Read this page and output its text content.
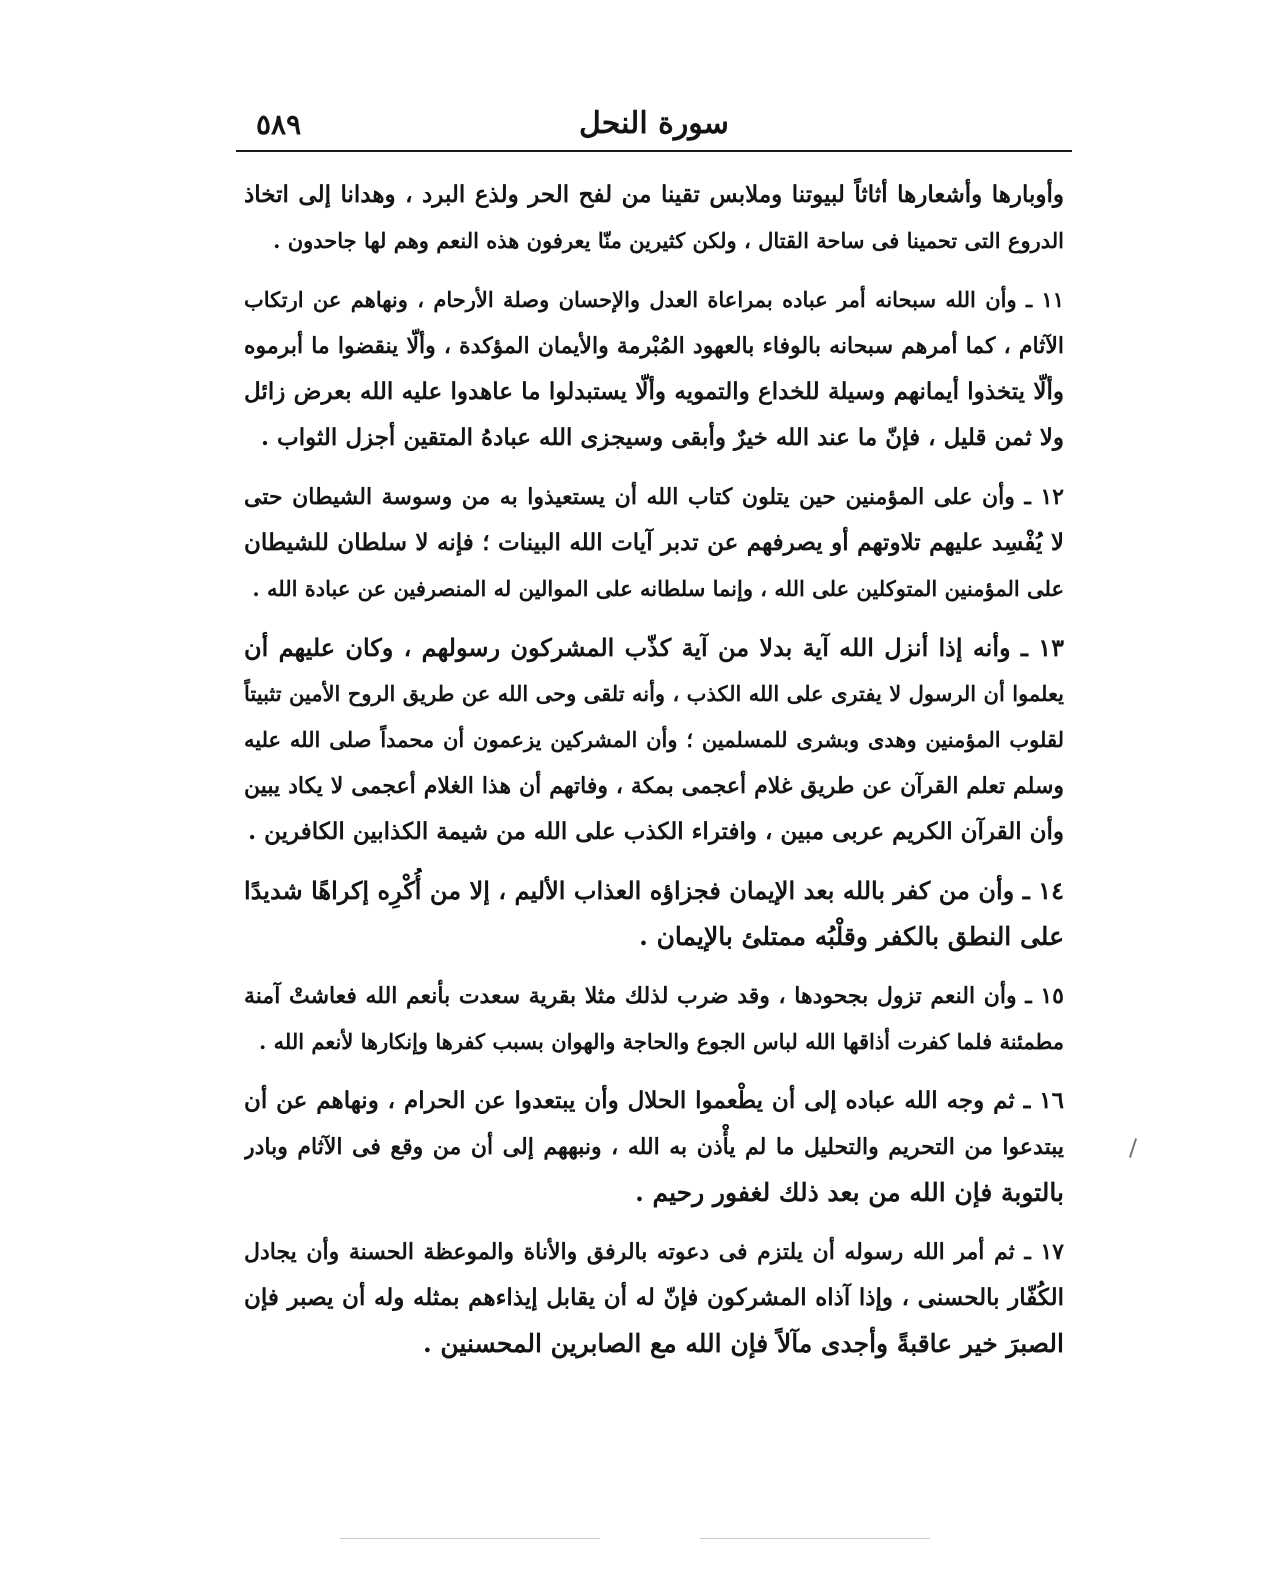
٥٨٩	سورة النحل
وأوبارها وأشعارها أثاثاً لبيوتنا وملابس تقينا من لفح الحر ولذع البرد ، وهدانا إلى اتخاذ
الدروع التى تحمينا فى ساحة القتال ، ولكن كثيرين منّا يعرفون هذه النعم وهم لها جاحدون .
١١ ـ وأن الله سبحانه أمر عباده بمراعاة العدل والإحسان وصلة الأرحام ، ونهاهم عن ارتكاب
الآثام ، كما أمرهم سبحانه بالوفاء بالعهود المُبْرمة والأيمان المؤكدة ، وألّا ينقضوا ما أبرموه
وألّا يتخذوا أيمانهم وسيلة للخداع والتمويه وألّا يستبدلوا ما عاهدوا عليه الله بعرض زائل
ولا ثمن قليل ، فإنّ ما عند الله خيرٌ وأبقى وسيجزى الله عبادهُ المتقين أجزل الثواب .
١٢ ـ وأن على المؤمنين حين يتلون كتاب الله أن يستعيذوا به من وسوسة الشيطان حتى
لا يُفْسِد عليهم تلاوتهم أو يصرفهم عن تدبر آيات الله البينات ؛ فإنه لا سلطان للشيطان
على المؤمنين المتوكلين على الله ، وإنما سلطانه على الموالين له المنصرفين عن عبادة الله .
١٣ ـ وأنه إذا أنزل الله آية بدلا من آية كذّب المشركون رسولهم ، وكان عليهم أن
يعلموا أن الرسول لا يفترى على الله الكذب ، وأنه تلقى وحى الله عن طريق الروح الأمين تثبيتاً
لقلوب المؤمنين وهدى وبشرى للمسلمين ؛ وأن المشركين يزعمون أن محمداً صلى الله عليه
وسلم تعلم القرآن عن طريق غلام أعجمى بمكة ، وفاتهم أن هذا الغلام أعجمى لا يكاد يبين
وأن القرآن الكريم عربى مبين ، وافتراء الكذب على الله من شيمة الكذابين الكافرين .
١٤ ـ وأن من كفر بالله بعد الإيمان فجزاؤه العذاب الأليم ، إلا من أُكْرِه إكراهًا شديدًا
على النطق بالكفر وقلْبُه ممتلئ بالإيمان .
١٥ ـ وأن النعم تزول بجحودها ، وقد ضرب لذلك مثلا بقرية سعدت بأنعم الله فعاشتْ آمنة
مطمئنة فلما كفرت أذاقها الله لباس الجوع والحاجة والهوان بسبب كفرها وإنكارها لأنعم الله .
١٦ ـ ثم وجه الله عباده إلى أن يطْعموا الحلال وأن يبتعدوا عن الحرام ، ونهاهم عن أن
يبتدعوا من التحريم والتحليل ما لم يأْذن به الله ، ونبههم إلى أن من وقع فى الآثام وبادر
بالتوبة فإن الله من بعد ذلك لغفور رحيم .
١٧ ـ ثم أمر الله رسوله أن يلتزم فى دعوته بالرفق والأناة والموعظة الحسنة وأن يجادل
الكُفّار بالحسنى ، وإذا آذاه المشركون فإنّ له أن يقابل إيذاءهم بمثله وله أن يصبر فإن
الصبرَ خير عاقبةً وأجدى مآلاً فإن الله مع الصابرين المحسنين .
